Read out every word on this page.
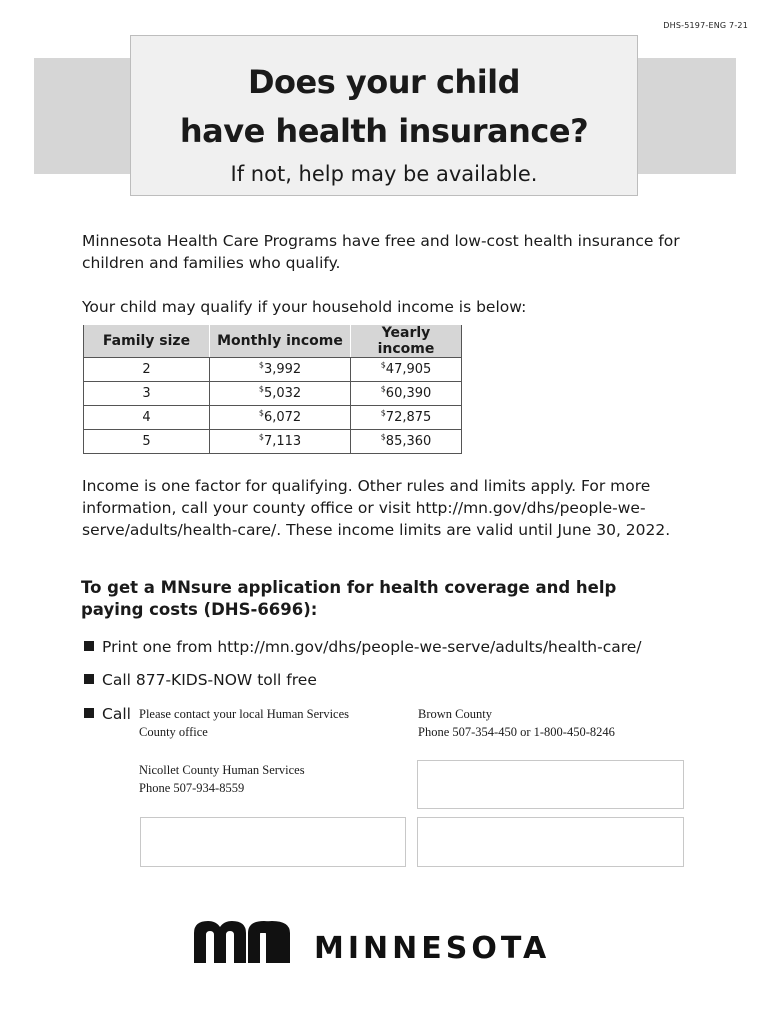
DHS-5197-ENG 7-21
Does your child
have health insurance?
If not, help may be available.
Minnesota Health Care Programs have free and low-cost health insurance for children and families who qualify.
Your child may qualify if your household income is below:
Family size	Monthly income	Yearly income
2	$3,992	$47,905
3	$5,032	$60,390
4	$6,072	$72,875
5	$7,113	$85,360
Income is one factor for qualifying. Other rules and limits apply. For more information, call your county office or visit http://mn.gov/dhs/people-we-serve/adults/health-care/. These income limits are valid until June 30, 2022.
To get a MNsure application for health coverage and help paying costs (DHS-6696):
Print one from http://mn.gov/dhs/people-we-serve/adults/health-care/
Call 877-KIDS-NOW toll free
Call Please contact your local Human Services
County office
Brown County
Phone 507-354-450 or 1-800-450-8246
Nicollet County Human Services
Phone 507-934-8559
MINNESOTA
